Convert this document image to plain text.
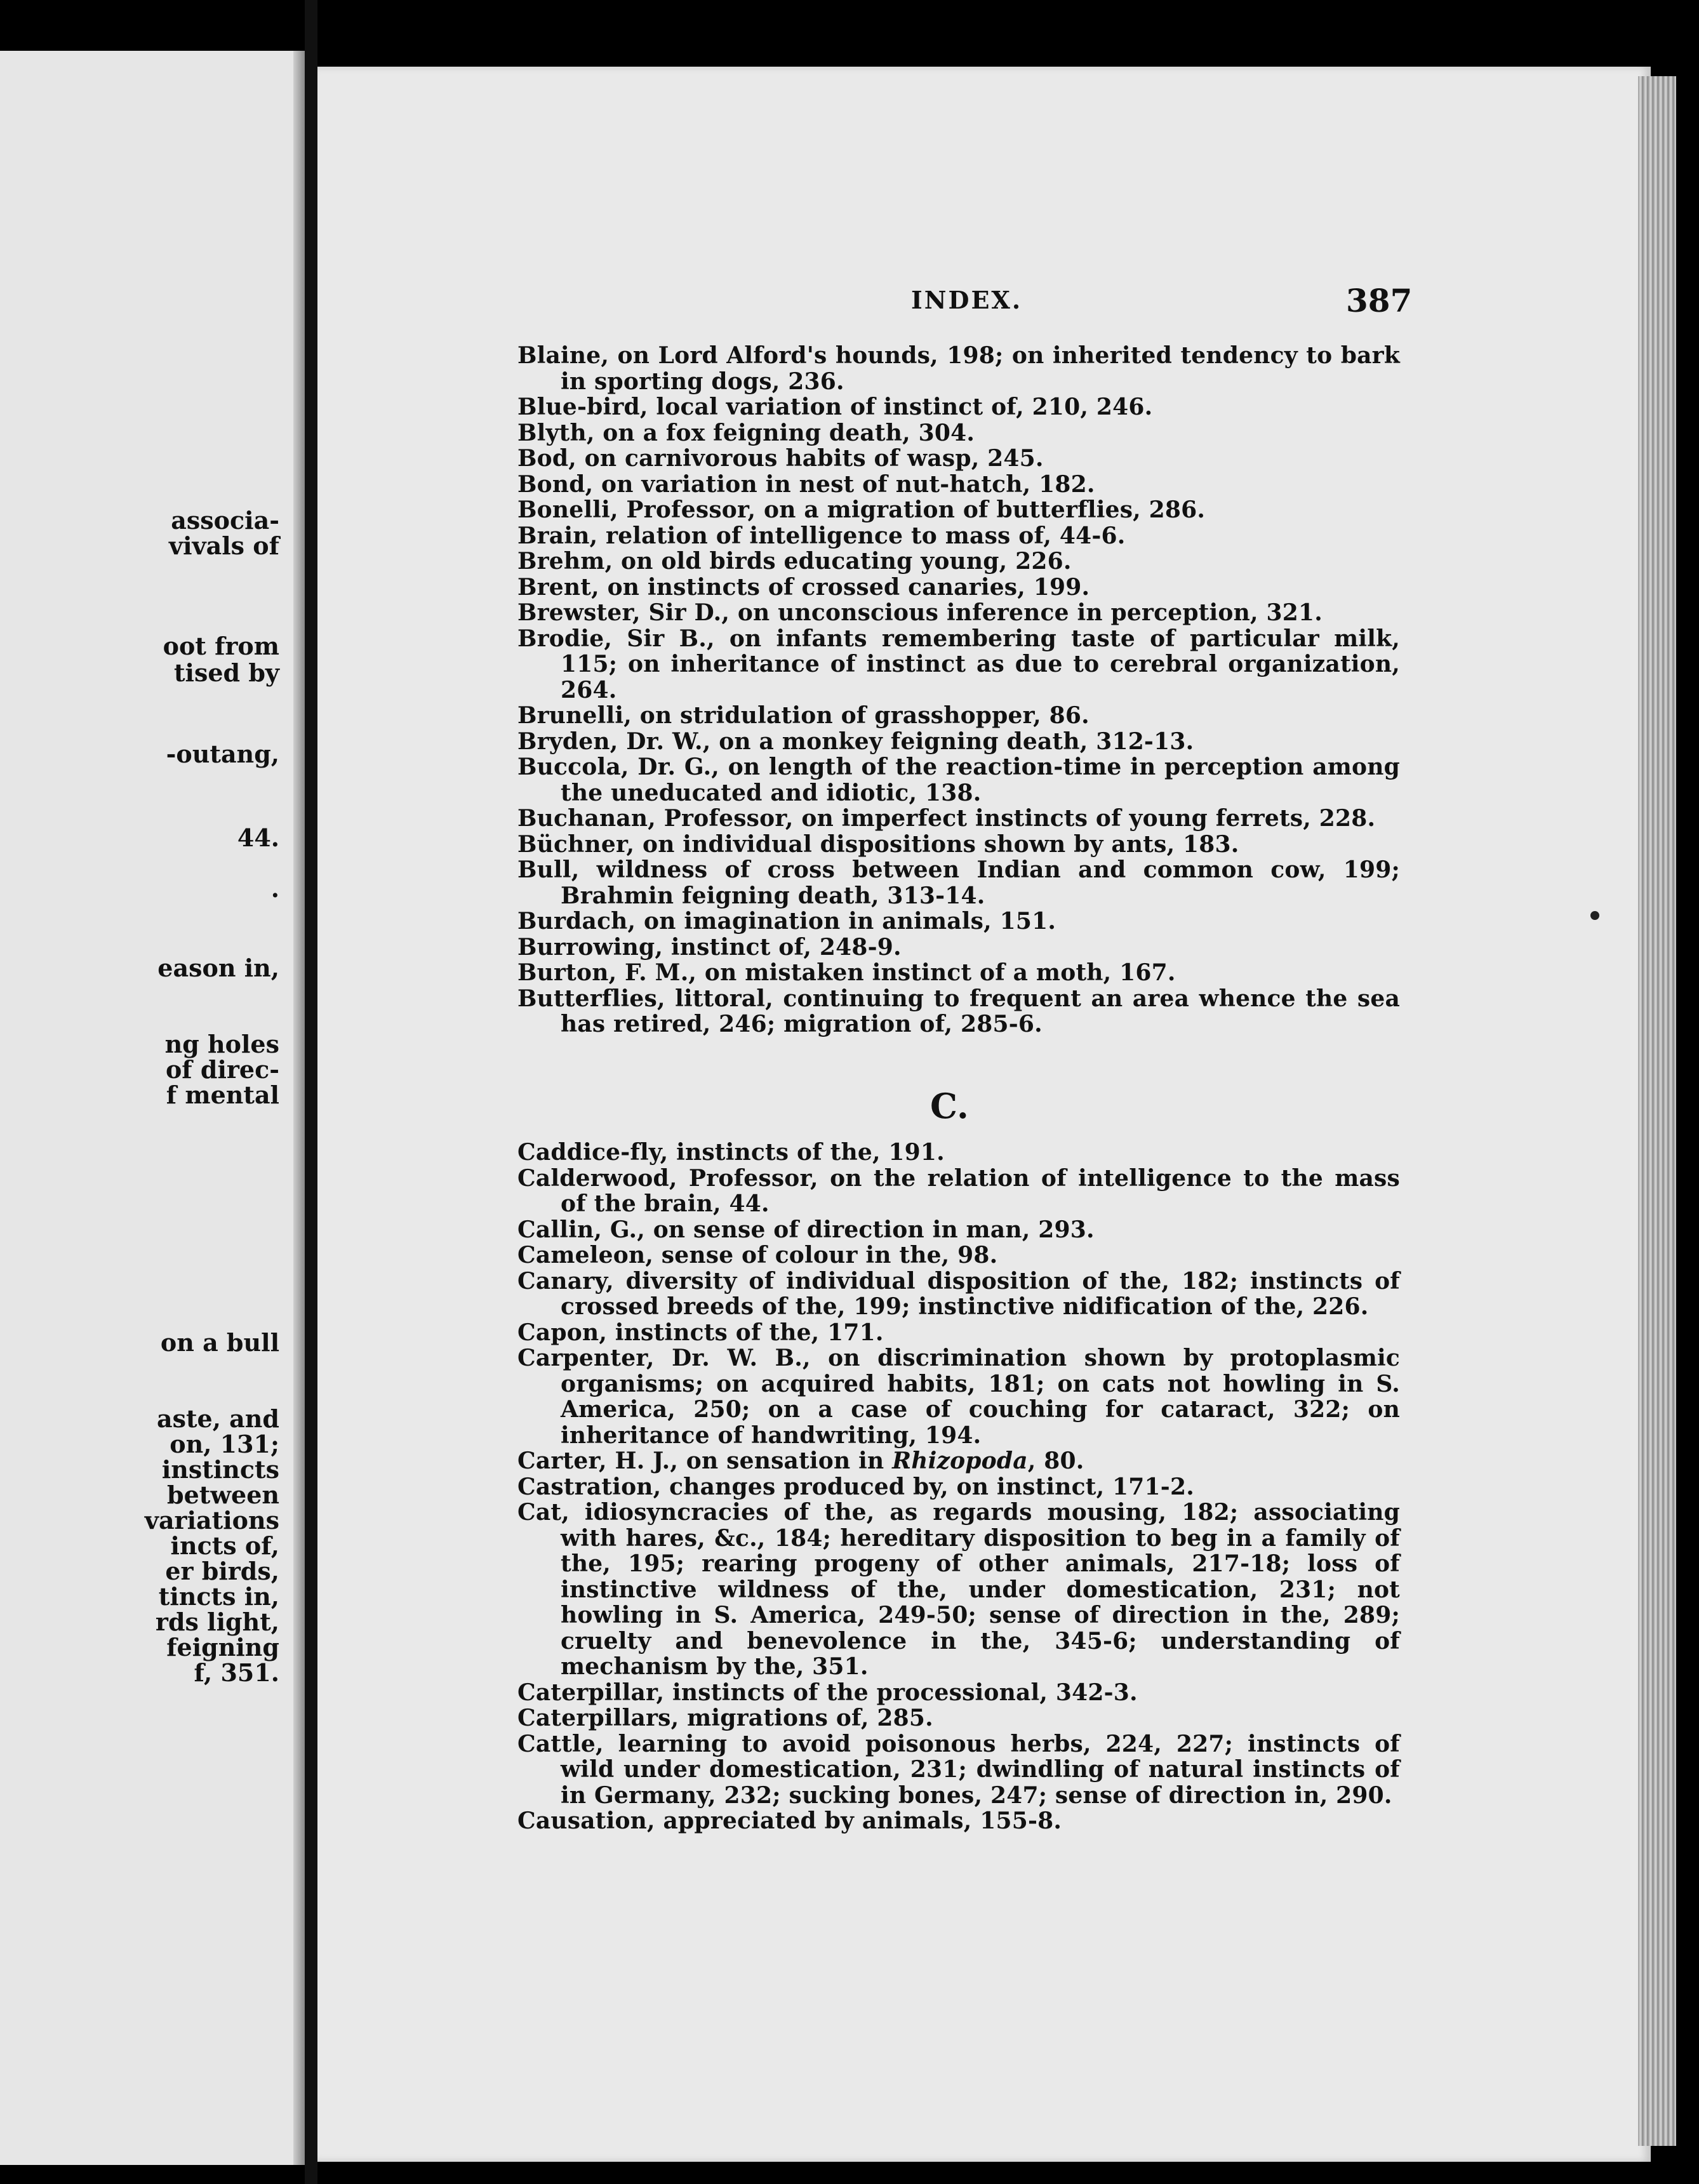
associa-
vivals of
oot from
tised by
-outang,
44.
.
eason in,
ng holes
of direc-
f mental
on a bull
aste, and
on, 131;
instincts
between
variations
incts of,
er birds,
tincts in,
rds light,
feigning
f, 351.
INDEX.	387
Blaine, on Lord Alford's hounds, 198; on inherited tendency to bark in sporting dogs, 236.
Blue-bird, local variation of instinct of, 210, 246.
Blyth, on a fox feigning death, 304.
Bod, on carnivorous habits of wasp, 245.
Bond, on variation in nest of nut-hatch, 182.
Bonelli, Professor, on a migration of butterflies, 286.
Brain, relation of intelligence to mass of, 44-6.
Brehm, on old birds educating young, 226.
Brent, on instincts of crossed canaries, 199.
Brewster, Sir D., on unconscious inference in perception, 321.
Brodie, Sir B., on infants remembering taste of particular milk, 115; on inheritance of instinct as due to cerebral organization, 264.
Brunelli, on stridulation of grasshopper, 86.
Bryden, Dr. W., on a monkey feigning death, 312-13.
Buccola, Dr. G., on length of the reaction-time in perception among the uneducated and idiotic, 138.
Buchanan, Professor, on imperfect instincts of young ferrets, 228.
Büchner, on individual dispositions shown by ants, 183.
Bull, wildness of cross between Indian and common cow, 199; Brahmin feigning death, 313-14.
Burdach, on imagination in animals, 151.
Burrowing, instinct of, 248-9.
Burton, F. M., on mistaken instinct of a moth, 167.
Butterflies, littoral, continuing to frequent an area whence the sea has retired, 246; migration of, 285-6.
C.
Caddice-fly, instincts of the, 191.
Calderwood, Professor, on the relation of intelligence to the mass of the brain, 44.
Callin, G., on sense of direction in man, 293.
Cameleon, sense of colour in the, 98.
Canary, diversity of individual disposition of the, 182; instincts of crossed breeds of the, 199; instinctive nidification of the, 226.
Capon, instincts of the, 171.
Carpenter, Dr. W. B., on discrimination shown by protoplasmic organisms; on acquired habits, 181; on cats not howling in S. America, 250; on a case of couching for cataract, 322; on inheritance of handwriting, 194.
Carter, H. J., on sensation in Rhizopoda, 80.
Castration, changes produced by, on instinct, 171-2.
Cat, idiosyncracies of the, as regards mousing, 182; associating with hares, &c., 184; hereditary disposition to beg in a family of the, 195; rearing progeny of other animals, 217-18; loss of instinctive wildness of the, under domestication, 231; not howling in S. America, 249-50; sense of direction in the, 289; cruelty and benevolence in the, 345-6; understanding of mechanism by the, 351.
Caterpillar, instincts of the processional, 342-3.
Caterpillars, migrations of, 285.
Cattle, learning to avoid poisonous herbs, 224, 227; instincts of wild under domestication, 231; dwindling of natural instincts of in Germany, 232; sucking bones, 247; sense of direction in, 290.
Causation, appreciated by animals, 155-8.
